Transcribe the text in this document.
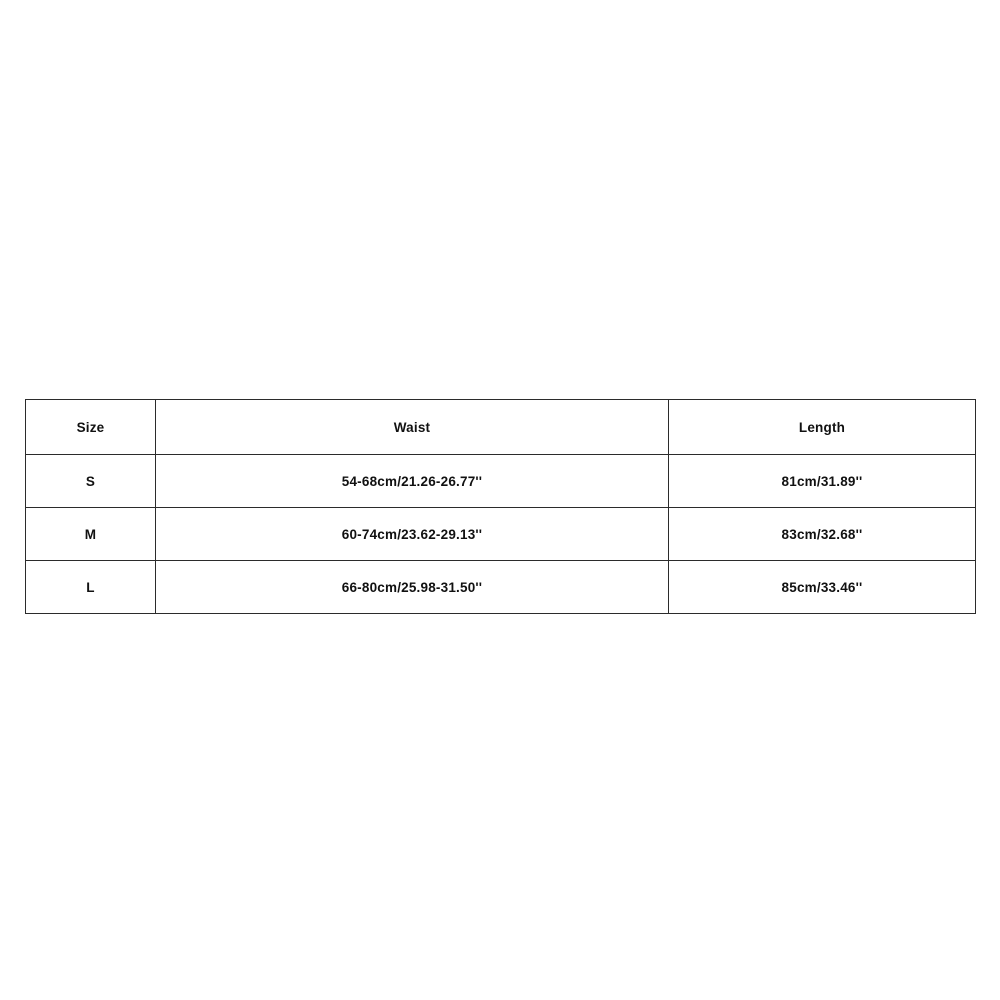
Size	Waist	Length
S	54-68cm/21.26-26.77''	81cm/31.89''
M	60-74cm/23.62-29.13''	83cm/32.68''
L	66-80cm/25.98-31.50''	85cm/33.46''
